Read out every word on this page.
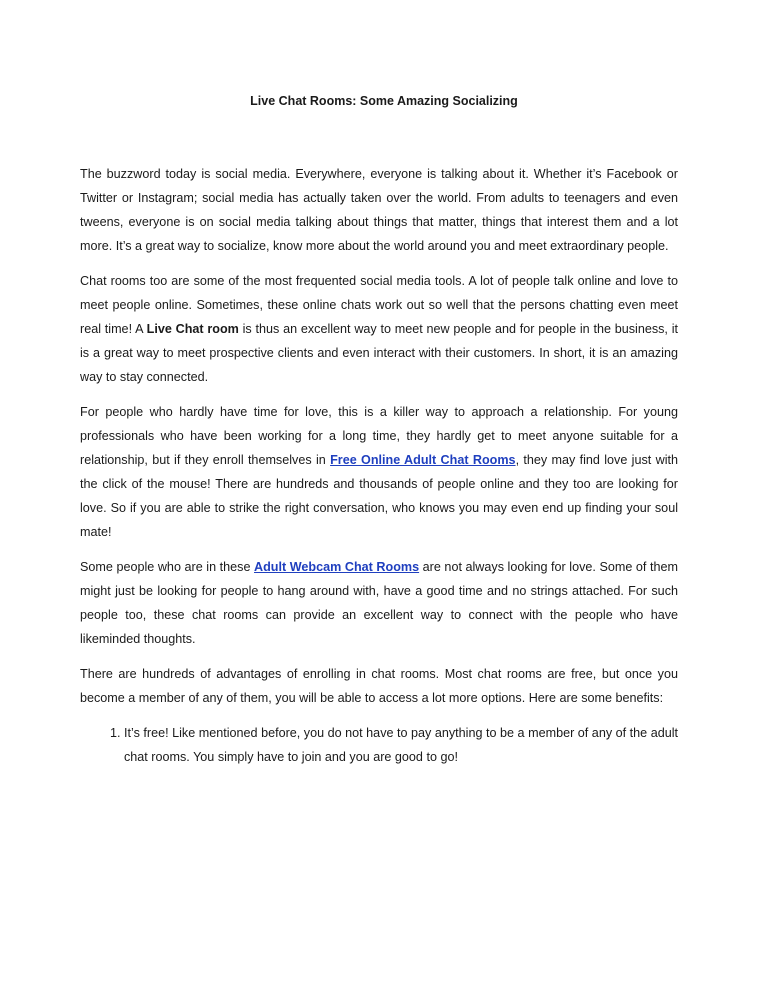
Live Chat Rooms: Some Amazing Socializing

The buzzword today is social media. Everywhere, everyone is talking about it. Whether it’s Facebook or Twitter or Instagram; social media has actually taken over the world. From adults to teenagers and even tweens, everyone is on social media talking about things that matter, things that interest them and a lot more. It’s a great way to socialize, know more about the world around you and meet extraordinary people.

Chat rooms too are some of the most frequented social media tools. A lot of people talk online and love to meet people online. Sometimes, these online chats work out so well that the persons chatting even meet real time! A Live Chat room is thus an excellent way to meet new people and for people in the business, it is a great way to meet prospective clients and even interact with their customers. In short, it is an amazing way to stay connected.

For people who hardly have time for love, this is a killer way to approach a relationship. For young professionals who have been working for a long time, they hardly get to meet anyone suitable for a relationship, but if they enroll themselves in Free Online Adult Chat Rooms, they may find love just with the click of the mouse! There are hundreds and thousands of people online and they too are looking for love. So if you are able to strike the right conversation, who knows you may even end up finding your soul mate!

Some people who are in these Adult Webcam Chat Rooms are not always looking for love. Some of them might just be looking for people to hang around with, have a good time and no strings attached. For such people too, these chat rooms can provide an excellent way to connect with the people who have likeminded thoughts.

There are hundreds of advantages of enrolling in chat rooms. Most chat rooms are free, but once you become a member of any of them, you will be able to access a lot more options. Here are some benefits:

1. It’s free! Like mentioned before, you do not have to pay anything to be a member of any of the adult chat rooms. You simply have to join and you are good to go!
